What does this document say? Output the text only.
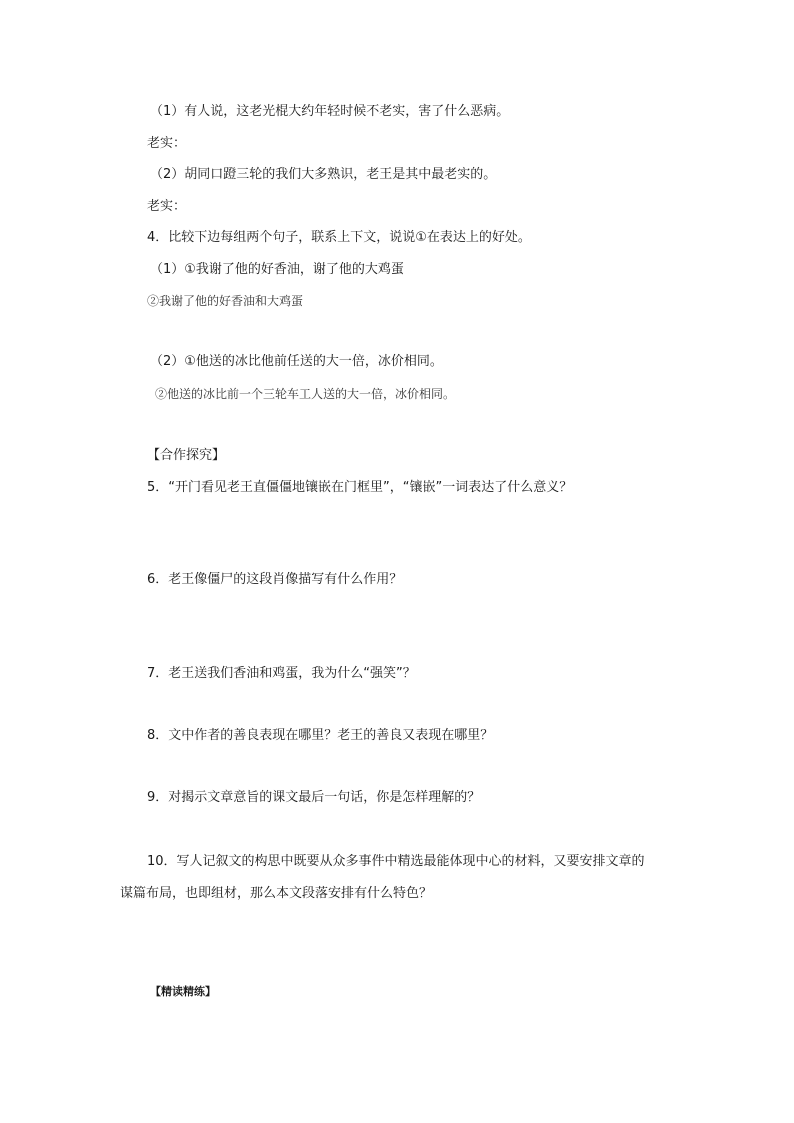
（1）有人说，这老光棍大约年轻时候不老实，害了什么恶病。
老实：
（2）胡同口蹬三轮的我们大多熟识，老王是其中最老实的。
老实：
4．比较下边每组两个句子，联系上下文，说说①在表达上的好处。
（1）①我谢了他的好香油，谢了他的大鸡蛋
②我谢了他的好香油和大鸡蛋
（2）①他送的冰比他前任送的大一倍，冰价相同。
②他送的冰比前一个三轮车工人送的大一倍，冰价相同。
【合作探究】
5．“开门看见老王直僵僵地镶嵌在门框里”，“镶嵌”一词表达了什么意义？
6．老王像僵尸的这段肖像描写有什么作用？
7．老王送我们香油和鸡蛋，我为什么“强笑”？
8．文中作者的善良表现在哪里？老王的善良又表现在哪里？
9．对揭示文章意旨的课文最后一句话，你是怎样理解的？
10．写人记叙文的构思中既要从众多事件中精选最能体现中心的材料，又要安排文章的
谋篇布局，也即组材，那么本文段落安排有什么特色？
【精读精练】
